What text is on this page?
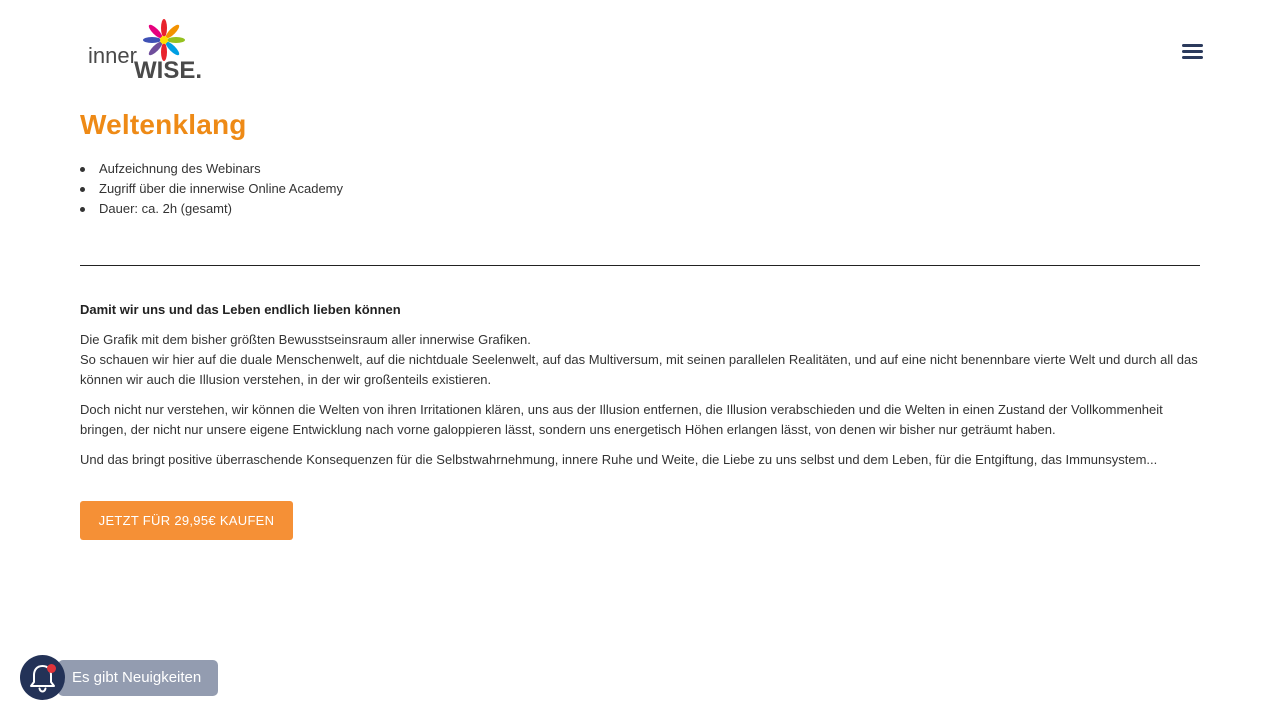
inner
WISE.
Weltenklang
Aufzeichnung des Webinars
Zugriff über die innerwise Online Academy
Dauer: ca. 2h (gesamt)
Damit wir uns und das Leben endlich lieben können

Die Grafik mit dem bisher größten Bewusstseinsraum aller innerwise Grafiken.
So schauen wir hier auf die duale Menschenwelt, auf die nichtduale Seelenwelt, auf das Multiversum, mit seinen parallelen Realitäten, und auf eine nicht benennbare vierte Welt und durch all das können wir auch die Illusion verstehen, in der wir großenteils existieren.

Doch nicht nur verstehen, wir können die Welten von ihren Irritationen klären, uns aus der Illusion entfernen, die Illusion verabschieden und die Welten in einen Zustand der Vollkommenheit bringen, der nicht nur unsere eigene Entwicklung nach vorne galoppieren lässt, sondern uns energetisch Höhen erlangen lässt, von denen wir bisher nur geträumt haben.

Und das bringt positive überraschende Konsequenzen für die Selbstwahrnehmung, innere Ruhe und Weite, die Liebe zu uns selbst und dem Leben, für die Entgiftung, das Immunsystem...

JETZT FÜR 29,95€ KAUFEN
Es gibt Neuigkeiten
